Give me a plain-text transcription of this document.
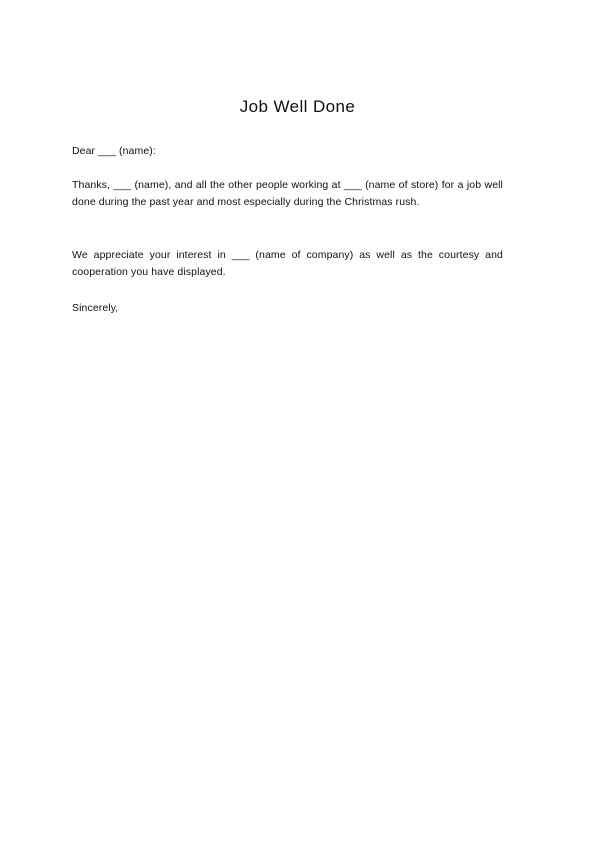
Job Well Done

Dear ___ (name):

Thanks, ___ (name), and all the other people working at ___ (name of store) for a job well done during the past year and most especially during the Christmas rush.

We appreciate your interest in ___ (name of company) as well as the courtesy and cooperation you have displayed.

Sincerely,
